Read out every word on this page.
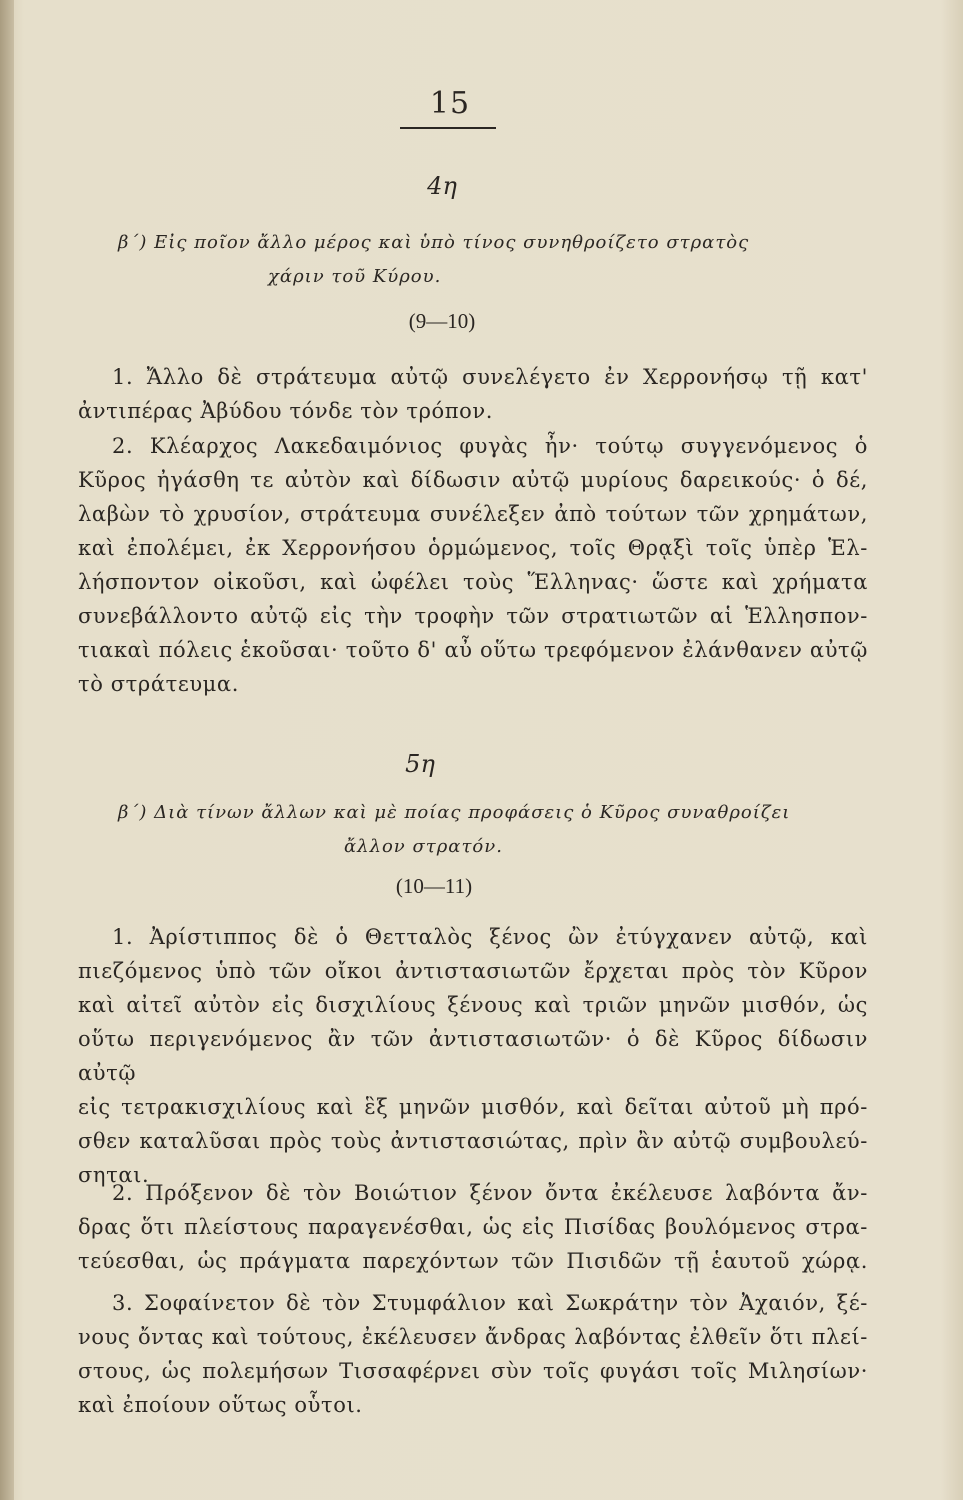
15
4η
β΄) Εἰς ποῖον ἄλλο μέρος καὶ ὑπὸ τίνος συνηθροίζετο στρατὸς
χάριν τοῦ Κύρου.
(9—10)
1. Ἄλλο δὲ στράτευμα αὐτῷ συνελέγετο ἐν Χερρονήσῳ τῇ κατ'
ἀντιπέρας Ἀβύδου τόνδε τὸν τρόπον.
2. Κλέαρχος Λακεδαιμόνιος φυγὰς ἦν· τούτῳ συγγενόμενος ὁ
Κῦρος ἠγάσθη τε αὐτὸν καὶ δίδωσιν αὐτῷ μυρίους δαρεικούς· ὁ δέ,
λαβὼν τὸ χρυσίον, στράτευμα συνέλεξεν ἀπὸ τούτων τῶν χρημάτων,
καὶ ἐπολέμει, ἐκ Χερρονήσου ὁρμώμενος, τοῖς Θρᾳξὶ τοῖς ὑπὲρ Ἑλ-
λήσποντον οἰκοῦσι, καὶ ὠφέλει τοὺς Ἕλληνας· ὥστε καὶ χρήματα
συνεβάλλοντο αὐτῷ εἰς τὴν τροφὴν τῶν στρατιωτῶν αἱ Ἑλλησπον-
τιακαὶ πόλεις ἑκοῦσαι· τοῦτο δ' αὖ οὕτω τρεφόμενον ἐλάνθανεν αὐτῷ
τὸ στράτευμα.
5η
β΄) Διὰ τίνων ἄλλων καὶ μὲ ποίας προφάσεις ὁ Κῦρος συναθροίζει
ἄλλον στρατόν.
(10—11)
1. Ἀρίστιππος δὲ ὁ Θετταλὸς ξένος ὢν ἐτύγχανεν αὐτῷ, καὶ
πιεζόμενος ὑπὸ τῶν οἴκοι ἀντιστασιωτῶν ἔρχεται πρὸς τὸν Κῦρον
καὶ αἰτεῖ αὐτὸν εἰς δισχιλίους ξένους καὶ τριῶν μηνῶν μισθόν, ὡς
οὕτω περιγενόμενος ἂν τῶν ἀντιστασιωτῶν· ὁ δὲ Κῦρος δίδωσιν αὐτῷ
εἰς τετρακισχιλίους καὶ ἓξ μηνῶν μισθόν, καὶ δεῖται αὐτοῦ μὴ πρό-
σθεν καταλῦσαι πρὸς τοὺς ἀντιστασιώτας, πρὶν ἂν αὐτῷ συμβουλεύ-
σηται.
2. Πρόξενον δὲ τὸν Βοιώτιον ξένον ὄντα ἐκέλευσε λαβόντα ἄν-
δρας ὅτι πλείστους παραγενέσθαι, ὡς εἰς Πισίδας βουλόμενος στρα-
τεύεσθαι, ὡς πράγματα παρεχόντων τῶν Πισιδῶν τῇ ἑαυτοῦ χώρᾳ.
3. Σοφαίνετον δὲ τὸν Στυμφάλιον καὶ Σωκράτην τὸν Ἀχαιόν, ξέ-
νους ὄντας καὶ τούτους, ἐκέλευσεν ἄνδρας λαβόντας ἐλθεῖν ὅτι πλεί-
στους, ὡς πολεμήσων Τισσαφέρνει σὺν τοῖς φυγάσι τοῖς Μιλησίων·
καὶ ἐποίουν οὕτως οὗτοι.
